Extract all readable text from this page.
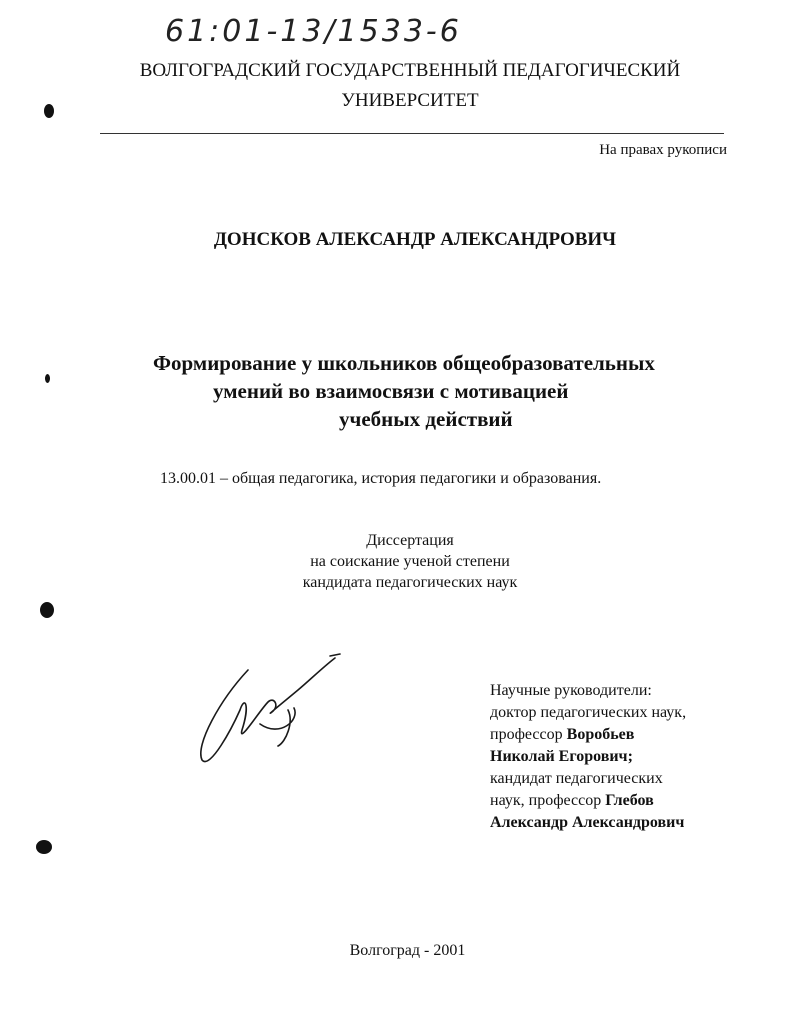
61:01-13/1533-6
ВОЛГОГРАДСКИЙ ГОСУДАРСТВЕННЫЙ ПЕДАГОГИЧЕСКИЙ
УНИВЕРСИТЕТ
На правах рукописи
ДОНСКОВ АЛЕКСАНДР АЛЕКСАНДРОВИЧ
Формирование у школьников общеобразовательных
умений во взаимосвязи с мотивацией
учебных действий
13.00.01 – общая педагогика, история педагогики и образования.
Диссертация
на соискание ученой степени
кандидата педагогических наук
Научные руководители:
доктор педагогических наук,
профессор Воробьев
Николай Егорович;
кандидат педагогических
наук, профессор Глебов
Александр Александрович
Волгоград - 2001
